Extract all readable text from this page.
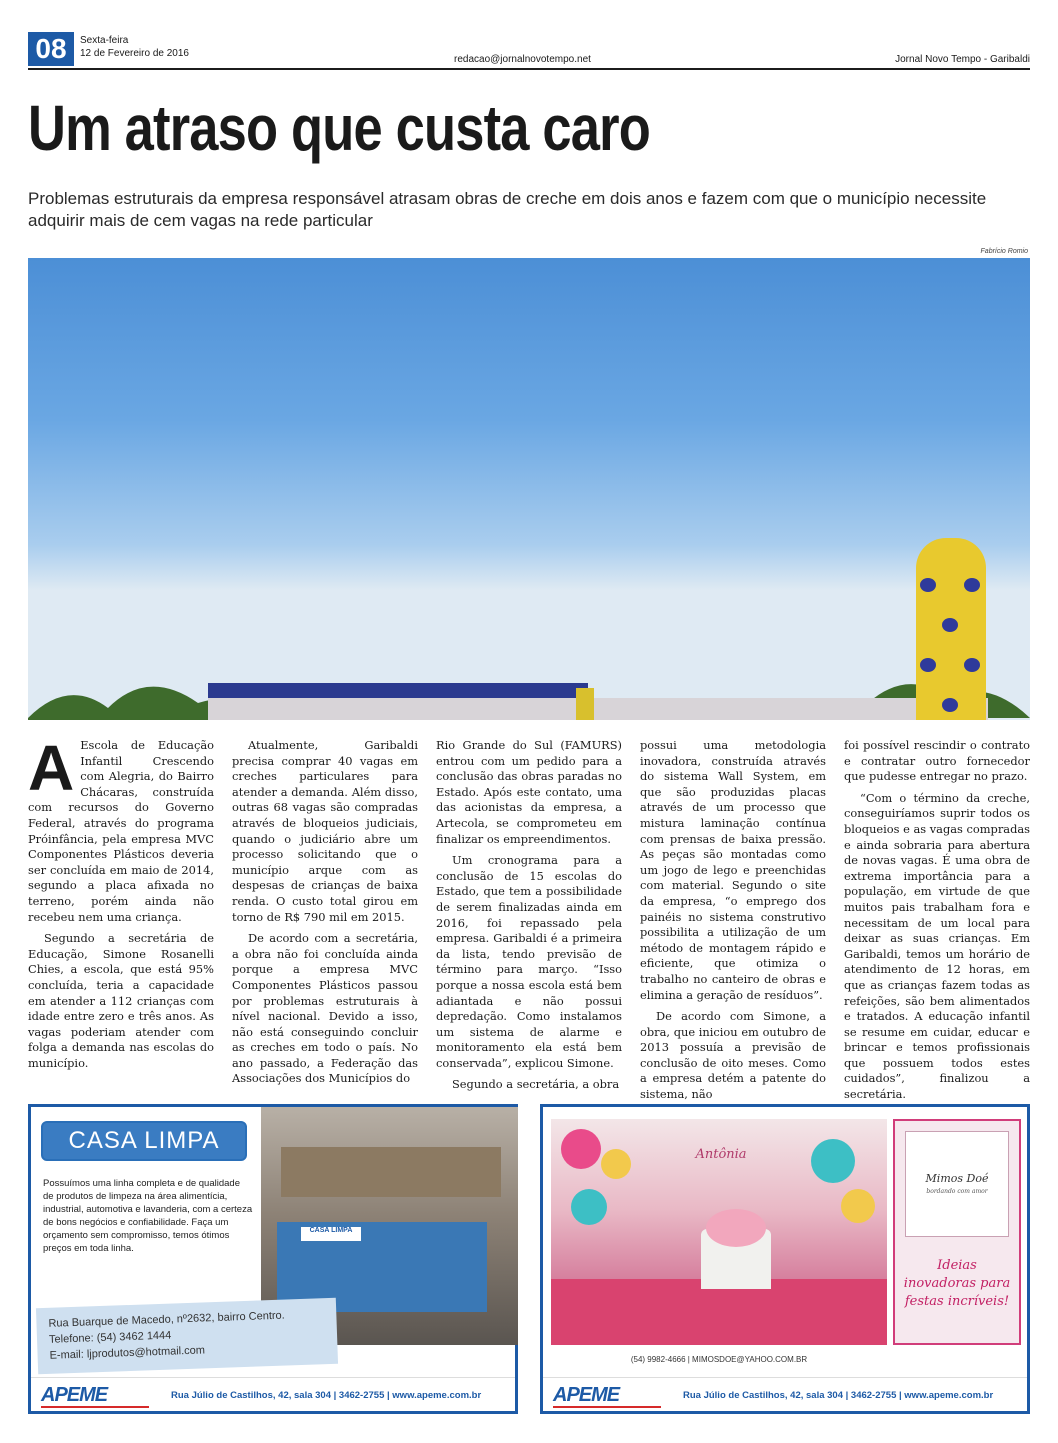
08	Sexta-feira
12 de Fevereiro de 2016
redacao@jornalnovotempo.net	Jornal Novo Tempo - Garibaldi
Um atraso que custa caro

Problemas estruturais da empresa responsável atrasam obras de creche em dois anos e fazem com que o município necessite adquirir mais de cem vagas na rede particular

Fabrício Romio

A Escola de Educação Infantil Crescendo com Alegria, do Bairro Chácaras, construída com recursos do Governo Federal, através do programa Próinfância, pela empresa MVC Componentes Plásticos deveria ser concluída em maio de 2014, segundo a placa afixada no terreno, porém ainda não recebeu nem uma criança.

Segundo a secretária de Educação, Simone Rosanelli Chies, a escola, que está 95% concluída, teria a capacidade em atender a 112 crianças com idade entre zero e três anos. As vagas poderiam atender com folga a demanda nas escolas do município.

Atualmente, Garibaldi precisa comprar 40 vagas em creches particulares para atender a demanda. Além disso, outras 68 vagas são compradas através de bloqueios judiciais, quando o judiciário abre um processo solicitando que o município arque com as despesas de crianças de baixa renda. O custo total girou em torno de R$ 790 mil em 2015.

De acordo com a secretária, a obra não foi concluída ainda porque a empresa MVC Componentes Plásticos passou por problemas estruturais à nível nacional. Devido a isso, não está conseguindo concluir as creches em todo o país. No ano passado, a Federação das Associações dos Municípios do

Rio Grande do Sul (FAMURS) entrou com um pedido para a conclusão das obras paradas no Estado. Após este contato, uma das acionistas da empresa, a Artecola, se comprometeu em finalizar os empreendimentos.

Um cronograma para a conclusão de 15 escolas do Estado, que tem a possibilidade de serem finalizadas ainda em 2016, foi repassado pela empresa. Garibaldi é a primeira da lista, tendo previsão de término para março. “Isso porque a nossa escola está bem adiantada e não possui depredação. Como instalamos um sistema de alarme e monitoramento ela está bem conservada”, explicou Simone.

Segundo a secretária, a obra

possui uma metodologia inovadora, construída através do sistema Wall System, em que são produzidas placas através de um processo que mistura laminação contínua com prensas de baixa pressão. As peças são montadas como um jogo de lego e preenchidas com material. Segundo o site da empresa, “o emprego dos painéis no sistema construtivo possibilita a utilização de um método de montagem rápido e eficiente, que otimiza o trabalho no canteiro de obras e elimina a geração de resíduos”.

De acordo com Simone, a obra, que iniciou em outubro de 2013 possuía a previsão de conclusão de oito meses. Como a empresa detém a patente do sistema, não

foi possível rescindir o contrato e contratar outro fornecedor que pudesse entregar no prazo.

“Com o término da creche, conseguiríamos suprir todos os bloqueios e as vagas compradas e ainda sobraria para abertura de novas vagas. É uma obra de extrema importância para a população, em virtude de que muitos pais trabalham fora e necessitam de um local para deixar as suas crianças. Em Garibaldi, temos um horário de atendimento de 12 horas, em que as crianças fazem todas as refeições, são bem alimentados e tratados. A educação infantil se resume em cuidar, educar e brincar e temos profissionais que possuem todos estes cuidados”, finalizou a secretária.

CASA LIMPA
Possuímos uma linha completa e de qualidade de produtos de limpeza na área alimentícia, industrial, automotiva e lavanderia, com a certeza de bons negócios e confiabilidade. Faça um orçamento sem compromisso, temos ótimos preços em toda linha.
CASA LIMPA
Rua Buarque de Macedo, nº2632, bairro Centro.
Telefone: (54) 3462 1444
E-mail: ljprodutos@hotmail.com
APEME	Rua Júlio de Castilhos, 42, sala 304 | 3462-2755 | www.apeme.com.br
Antônia
Mimos Doé
bordando com amor
Ideias inovadoras para festas incríveis!
(54) 9982-4666 | MIMOSDOE@YAHOO.COM.BR
APEME	Rua Júlio de Castilhos, 42, sala 304 | 3462-2755 | www.apeme.com.br
